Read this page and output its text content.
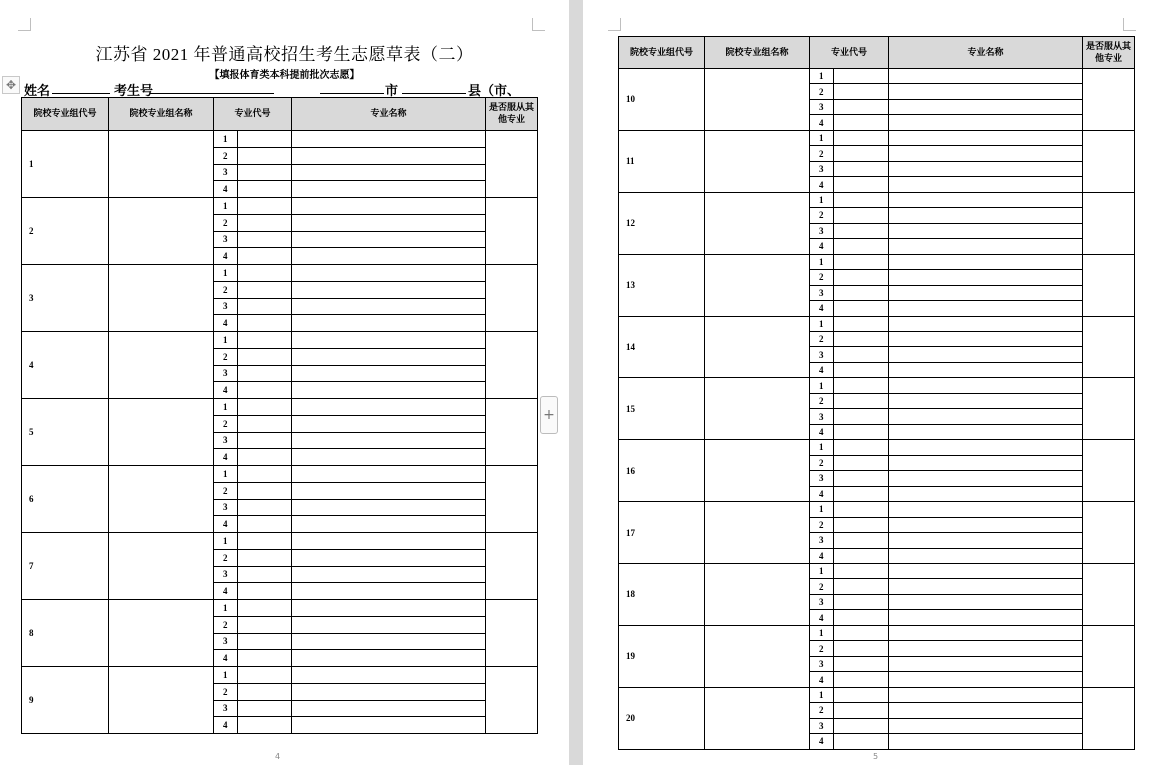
江苏省 2021 年普通高校招生考生志愿草表（二）
【填报体育类本科提前批次志愿】
✥ 姓名	考生号	市	县（市、
院校专业组代号	院校专业组名称	专业代号		专业名称	是否服从其他专业
1		1			
		2			
		3			
		4			
2		1			
		2			
		3			
		4			
3		1			
		2			
		3			
		4			
4		1			
		2			
		3			
		4			
5		1			
		2			
		3			
		4			
6		1			
		2			
		3			
		4			
7		1			
		2			
		3			
		4			
8		1			
		2			
		3			
		4			
9		1			
		2			
		3			
		4			
4
+
院校专业组代号	院校专业组名称	专业代号		专业名称	是否服从其他专业
10		1			
		2			
		3			
		4			
11		1			
		2			
		3			
		4			
12		1			
		2			
		3			
		4			
13		1			
		2			
		3			
		4			
14		1			
		2			
		3			
		4			
15		1			
		2			
		3			
		4			
16		1			
		2			
		3			
		4			
17		1			
		2			
		3			
		4			
18		1			
		2			
		3			
		4			
19		1			
		2			
		3			
		4			
20		1			
		2			
		3			
		4			
5
